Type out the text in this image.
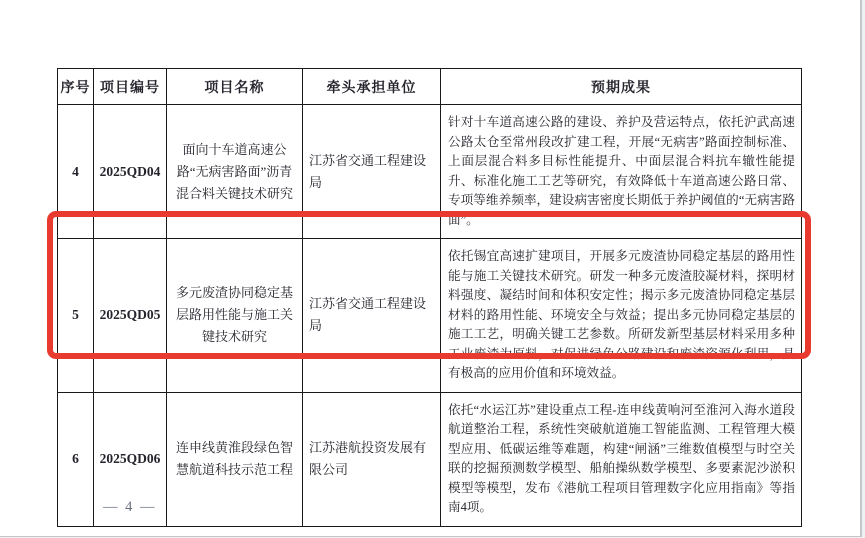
序号	项目编号	项目名称	牵头承担单位	预期成果
4	2025QD04	面向十车道高速公路“无病害路面”沥青混合料关键技术研究	江苏省交通工程建设局	针对十车道高速公路的建设、养护及营运特点，依托沪武高速公路太仓至常州段改扩建工程，开展“无病害”路面控制标准、上面层混合料多目标性能提升、中面层混合料抗车辙性能提升、标准化施工工艺等研究，有效降低十车道高速公路日常、专项等维养频率，建设病害密度长期低于养护阈值的“无病害路面”。
5	2025QD05	多元废渣协同稳定基层路用性能与施工关键技术研究	江苏省交通工程建设局	依托锡宜高速扩建项目，开展多元废渣协同稳定基层的路用性能与施工关键技术研究。研发一种多元废渣胶凝材料，探明材料强度、凝结时间和体积安定性；揭示多元废渣协同稳定基层材料的路用性能、环境安全与效益；提出多元协同稳定基层的施工工艺，明确关键工艺参数。所研发新型基层材料采用多种工业废渣为原料，对促进绿色公路建设和废渣资源化利用，具有极高的应用价值和环境效益。
6	2025QD06	连申线黄淮段绿色智慧航道科技示范工程	江苏港航投资发展有限公司	依托“水运江苏”建设重点工程-连申线黄响河至淮河入海水道段航道整治工程，系统性突破航道施工智能监测、工程管理大模型应用、低碳运维等难题，构建“闸涵”三维数值模型与时空关联的挖掘预测数学模型、船舶操纵数学模型、多要素泥沙淤积模型等模型，发布《港航工程项目管理数字化应用指南》等指南4项。
— 4 —
